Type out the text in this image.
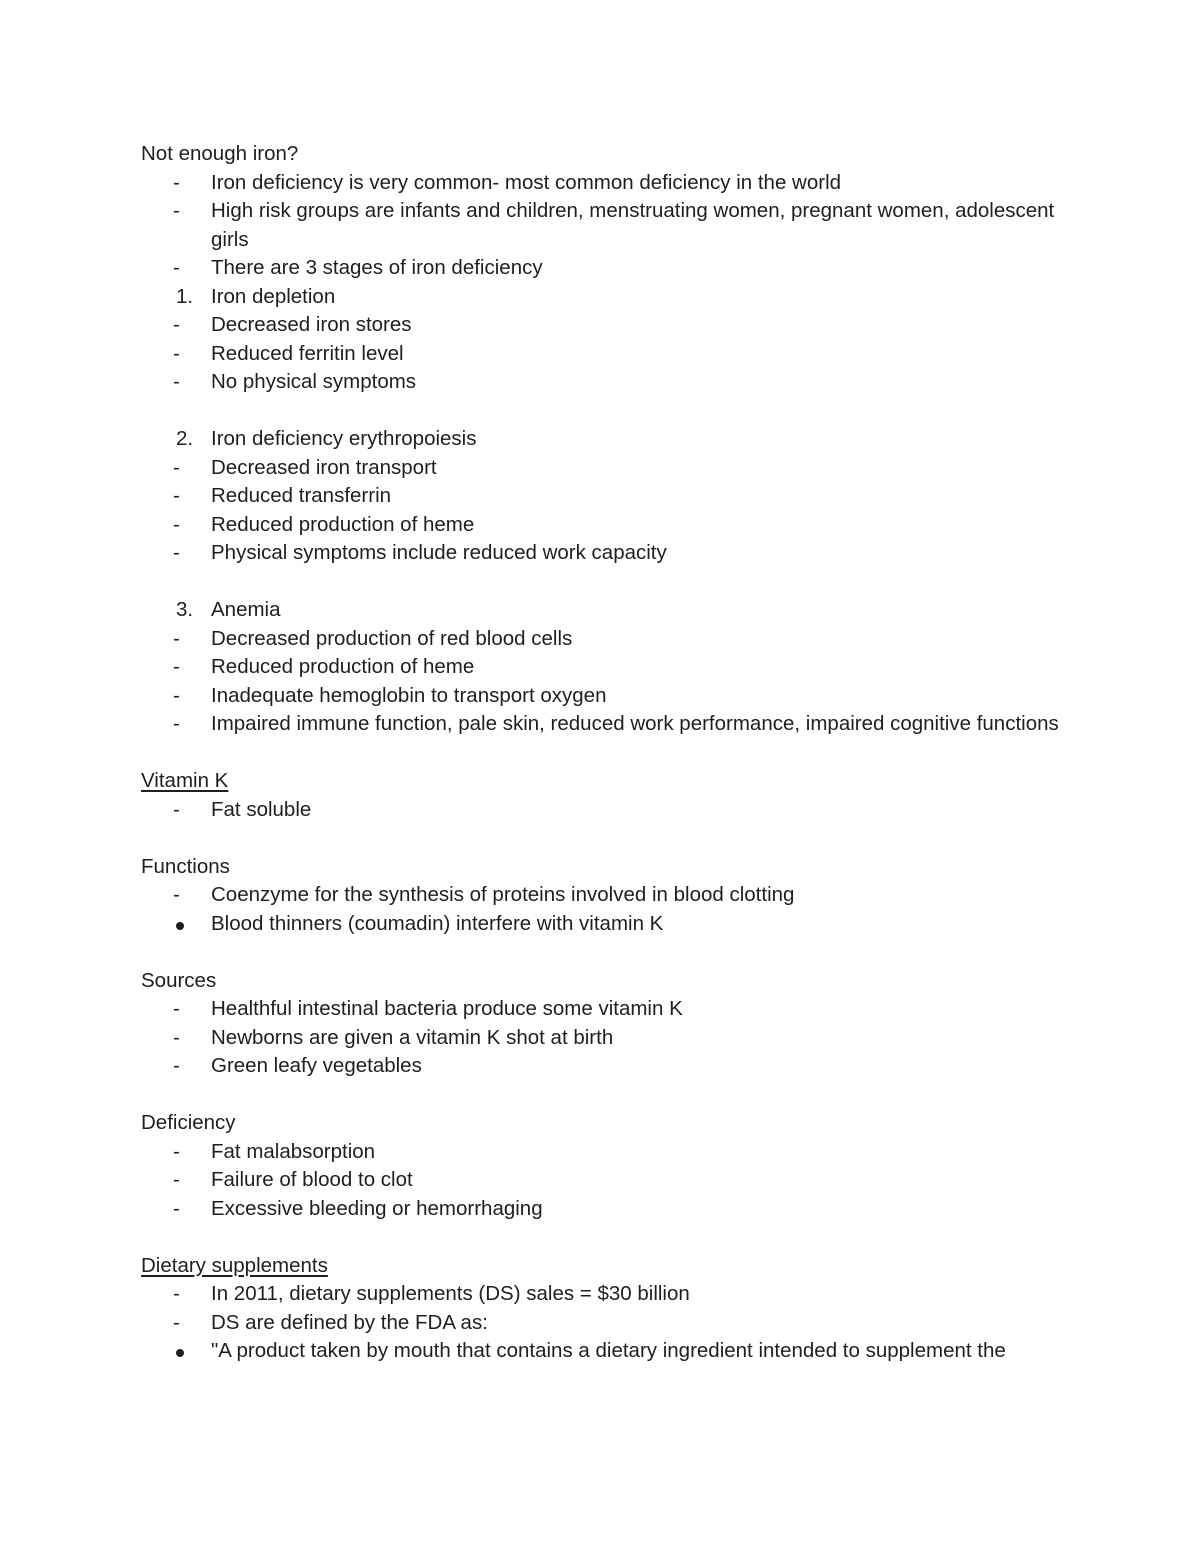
Not enough iron?
-	Iron deficiency is very common- most common deficiency in the world
-	High risk groups are infants and children, menstruating women, pregnant women, adolescent girls
-	There are 3 stages of iron deficiency
1. Iron depletion
-	Decreased iron stores
-	Reduced ferritin level
-	No physical symptoms
2. Iron deficiency erythropoiesis
-	Decreased iron transport
-	Reduced transferrin
-	Reduced production of heme
-	Physical symptoms include reduced work capacity
3. Anemia
-	Decreased production of red blood cells
-	Reduced production of heme
-	Inadequate hemoglobin to transport oxygen
-	Impaired immune function, pale skin, reduced work performance, impaired cognitive functions
Vitamin K
-	Fat soluble
Functions
-	Coenzyme for the synthesis of proteins involved in blood clotting
Blood thinners (coumadin) interfere with vitamin K
Sources
-	Healthful intestinal bacteria produce some vitamin K
-	Newborns are given a vitamin K shot at birth
-	Green leafy vegetables
Deficiency
-	Fat malabsorption
-	Failure of blood to clot
-	Excessive bleeding or hemorrhaging
Dietary supplements
-	In 2011, dietary supplements (DS) sales = $30 billion
-	DS are defined by the FDA as:
"A product taken by mouth that contains a dietary ingredient intended to supplement the
